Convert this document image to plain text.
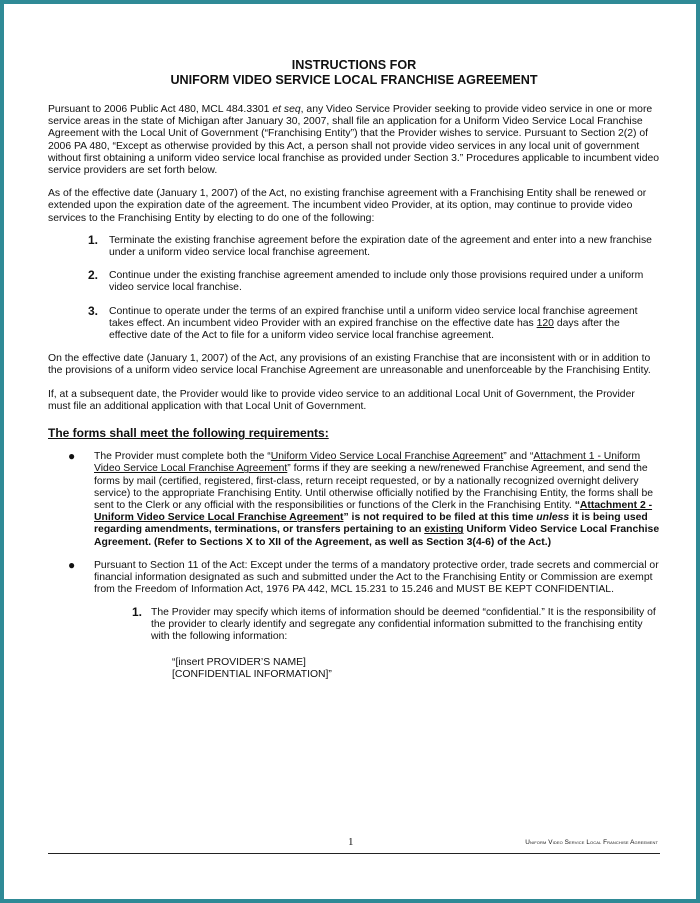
INSTRUCTIONS FOR

UNIFORM VIDEO SERVICE LOCAL FRANCHISE AGREEMENT

Pursuant to 2006 Public Act 480, MCL 484.3301 et seq, any Video Service Provider seeking to provide video service in one or more service areas in the state of Michigan after January 30, 2007, shall file an application for a Uniform Video Service Local Franchise Agreement with the Local Unit of Government (“Franchising Entity”) that the Provider wishes to service. Pursuant to Section 2(2) of 2006 PA 480, “Except as otherwise provided by this Act, a person shall not provide video services in any local unit of government without first obtaining a uniform video service local franchise as provided under Section 3.” Procedures applicable to incumbent video service providers are set forth below.

As of the effective date (January 1, 2007) of the Act, no existing franchise agreement with a Franchising Entity shall be renewed or extended upon the expiration date of the agreement. The incumbent video Provider, at its option, may continue to provide video services to the Franchising Entity by electing to do one of the following:

1. Terminate the existing franchise agreement before the expiration date of the agreement and enter into a new franchise under a uniform video service local franchise agreement.
2. Continue under the existing franchise agreement amended to include only those provisions required under a uniform video service local franchise.
3. Continue to operate under the terms of an expired franchise until a uniform video service local franchise agreement takes effect. An incumbent video Provider with an expired franchise on the effective date has 120 days after the effective date of the Act to file for a uniform video service local franchise agreement.

On the effective date (January 1, 2007) of the Act, any provisions of an existing Franchise that are inconsistent with or in addition to the provisions of a uniform video service local Franchise Agreement are unreasonable and unenforceable by the Franchising Entity.

If, at a subsequent date, the Provider would like to provide video service to an additional Local Unit of Government, the Provider must file an additional application with that Local Unit of Government.

The forms shall meet the following requirements:

● The Provider must complete both the “Uniform Video Service Local Franchise Agreement” and “Attachment 1 - Uniform Video Service Local Franchise Agreement” forms if they are seeking a new/renewed Franchise Agreement, and send the forms by mail (certified, registered, first-class, return receipt requested, or by a nationally recognized overnight delivery service) to the appropriate Franchising Entity. Until otherwise officially notified by the Franchising Entity, the forms shall be sent to the Clerk or any official with the responsibilities or functions of the Clerk in the Franchising Entity. “Attachment 2 - Uniform Video Service Local Franchise Agreement” is not required to be filed at this time unless it is being used regarding amendments, terminations, or transfers pertaining to an existing Uniform Video Service Local Franchise Agreement. (Refer to Sections X to XII of the Agreement, as well as Section 3(4-6) of the Act.)
● Pursuant to Section 11 of the Act: Except under the terms of a mandatory protective order, trade secrets and commercial or financial information designated as such and submitted under the Act to the Franchising Entity or Commission are exempt from the Freedom of Information Act, 1976 PA 442, MCL 15.231 to 15.246 and MUST BE KEPT CONFIDENTIAL.
1. The Provider may specify which items of information should be deemed “confidential.” It is the responsibility of the provider to clearly identify and segregate any confidential information submitted to the franchising entity with the following information:
“[insert PROVIDER’S NAME]
[CONFIDENTIAL INFORMATION]”
1	Uniform Video Service Local Franchise Agreement
